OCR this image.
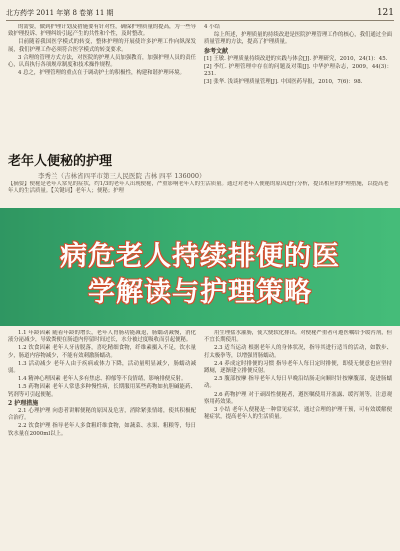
北方药学 2011 年第 8 卷第 11 期	121

的需要，做到护理计划及措施要有针对性，确保护理质量的提高，为一些导致护理投诉、护理纠纷引起产生的共性和个性，及时整改。

目前随着我国医学模式的转变，整体护理的开展使许多护理工作向纵深发展，我们护理工作必须符合医学模式的转变要求。

3 合理的管理方式方法，对医院的护理人员加强教育，加强护理人员的责任心，认真执行各项规章制度和技术操作规程。

4 总之，护理管理的重点在于调动护士的积极性，构建和谐护理环境。

4 小结

综上所述，护理质量的持续改进是医院护理管理工作的核心，我们通过全面质量管理的方法，提高了护理质量。

参考文献

[1] 王敏. 护理质量持续改进的实践与体会[J]. 护理研究，2010，24(1)：45.

[2] 李红. 护理管理中存在的问题及对策[J]. 中华护理杂志，2009，44(3)：231.

[3] 张华. 浅谈护理质量管理[J]. 中国医药导报，2010，7(6)：98.

老年人便秘的护理
李秀兰（吉林省四平市第三人民医院 吉林 四平 136000）
【摘要】便秘是老年人常见的症状，约1/3的老年人出现便秘，严重影响老年人的生活质量。通过对老年人便秘的原因进行分析，提出相应的护理措施，以提高老年人的生活质量。【关键词】老年人；便秘；护理
病危老人持续排便的医
学解读与护理策略

1.1 年龄因素 随着年龄的增长，老年人胃肠功能减退，肠蠕动减慢，消化液分泌减少，导致粪便在肠道内停留时间过长，水分被过度吸收而引起便秘。

1.2 饮食因素 老年人牙齿脱落，喜吃精细食物，纤维素摄入不足，饮水量少，肠道内容物减少，不能有效刺激肠蠕动。

1.3 活动减少 老年人由于疾病或体力下降，活动量明显减少，肠蠕动减弱。

1.4 精神心理因素 老年人多有焦虑、抑郁等不良情绪，影响排便反射。

1.5 药物因素 老年人常患多种慢性病，长期服用某些药物如抗胆碱能药、钙剂等可引起便秘。

2 护理措施

2.1 心理护理 向患者讲解便秘的原因及危害，消除紧张情绪，使其积极配合治疗。

2.2 饮食护理 指导老年人多食粗纤维食物，如蔬菜、水果、粗粮等，每日饮水量在2000ml以上。

用生理盐水灌肠，使大便软化排出。对便秘严重者可遵医嘱给予缓泻剂，但不宜长期使用。

2.3 适当运动 根据老年人的身体状况，指导其进行适当的活动，如散步、打太极拳等，以增强胃肠蠕动。

2.4 养成定时排便的习惯 指导老年人每日定时排便，即使无便意也应坚持蹲厕，逐渐建立排便反射。

2.5 腹部按摩 指导老年人每日早晚沿结肠走向顺时针按摩腹部，促进肠蠕动。

2.6 药物护理 对于顽固性便秘者，遵医嘱使用开塞露、缓泻剂等，注意观察用药效果。

3 小结 老年人便秘是一种常见症状，通过合理的护理干预，可有效缓解便秘症状，提高老年人的生活质量。
